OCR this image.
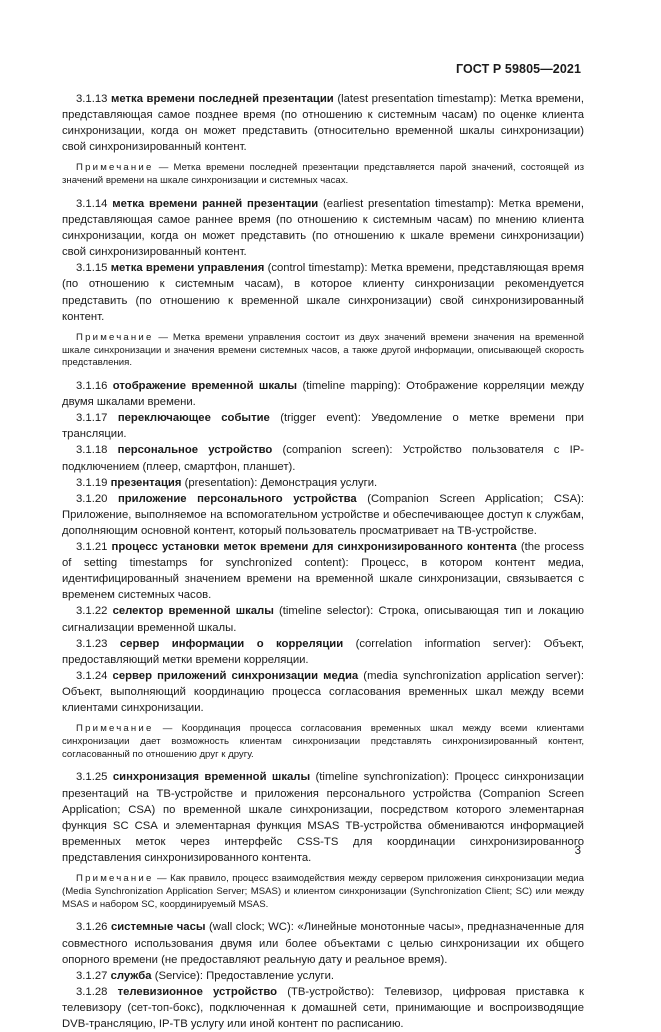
ГОСТ Р 59805—2021

3.1.13 метка времени последней презентации (latest presentation timestamp): Метка времени, представляющая самое позднее время (по отношению к системным часам) по оценке клиента синхронизации, когда он может представить (относительно временной шкалы синхронизации) свой синхронизированный контент.

Примечание — Метка времени последней презентации представляется парой значений, состоящей из значений времени на шкале синхронизации и системных часах.

3.1.14 метка времени ранней презентации (earliest presentation timestamp): Метка времени, представляющая самое раннее время (по отношению к системным часам) по мнению клиента синхронизации, когда он может представить (по отношению к шкале времени синхронизации) свой синхронизированный контент.

3.1.15 метка времени управления (control timestamp): Метка времени, представляющая время (по отношению к системным часам), в которое клиенту синхронизации рекомендуется представить (по отношению к временной шкале синхронизации) свой синхронизированный контент.

Примечание — Метка времени управления состоит из двух значений времени значения на временной шкале синхронизации и значения времени системных часов, а также другой информации, описывающей скорость представления.

3.1.16 отображение временной шкалы (timeline mapping): Отображение корреляции между двумя шкалами времени.

3.1.17 переключающее событие (trigger event): Уведомление о метке времени при трансляции.

3.1.18 персональное устройство (companion screen): Устройство пользователя с IP-подключением (плеер, смартфон, планшет).

3.1.19 презентация (presentation): Демонстрация услуги.

3.1.20 приложение персонального устройства (Companion Screen Application; CSA): Приложение, выполняемое на вспомогательном устройстве и обеспечивающее доступ к службам, дополняющим основной контент, который пользователь просматривает на ТВ-устройстве.

3.1.21 процесс установки меток времени для синхронизированного контента (the process of setting timestamps for synchronized content): Процесс, в котором контент медиа, идентифицированный значением времени на временной шкале синхронизации, связывается с временем системных часов.

3.1.22 селектор временной шкалы (timeline selector): Строка, описывающая тип и локацию сигнализации временной шкалы.

3.1.23 сервер информации о корреляции (correlation information server): Объект, предоставляющий метки времени корреляции.

3.1.24 сервер приложений синхронизации медиа (media synchronization application server): Объект, выполняющий координацию процесса согласования временных шкал между всеми клиентами синхронизации.

Примечание — Координация процесса согласования временных шкал между всеми клиентами синхронизации дает возможность клиентам синхронизации представлять синхронизированный контент, согласованный по отношению друг к другу.

3.1.25 синхронизация временной шкалы (timeline synchronization): Процесс синхронизации презентаций на ТВ-устройстве и приложения персонального устройства (Companion Screen Application; CSA) по временной шкале синхронизации, посредством которого элементарная функция SC CSA и элементарная функция MSAS ТВ-устройства обмениваются информацией временных меток через интерфейс CSS-TS для координации синхронизированного представления синхронизированного контента.

Примечание — Как правило, процесс взаимодействия между сервером приложения синхронизации медиа (Media Synchronization Application Server; MSAS) и клиентом синхронизации (Synchronization Client; SC) или между MSAS и набором SC, координируемый MSAS.

3.1.26 системные часы (wall clock; WC): «Линейные монотонные часы», предназначенные для совместного использования двумя или более объектами с целью синхронизации их общего опорного времени (не предоставляют реальную дату и реальное время).

3.1.27 служба (Service): Предоставление услуги.

3.1.28 телевизионное устройство (ТВ-устройство): Телевизор, цифровая приставка к телевизору (сет-топ-бокс), подключенная к домашней сети, принимающие и воспроизводящие DVB-трансляцию, IP-ТВ услугу или иной контент по расписанию.

3
